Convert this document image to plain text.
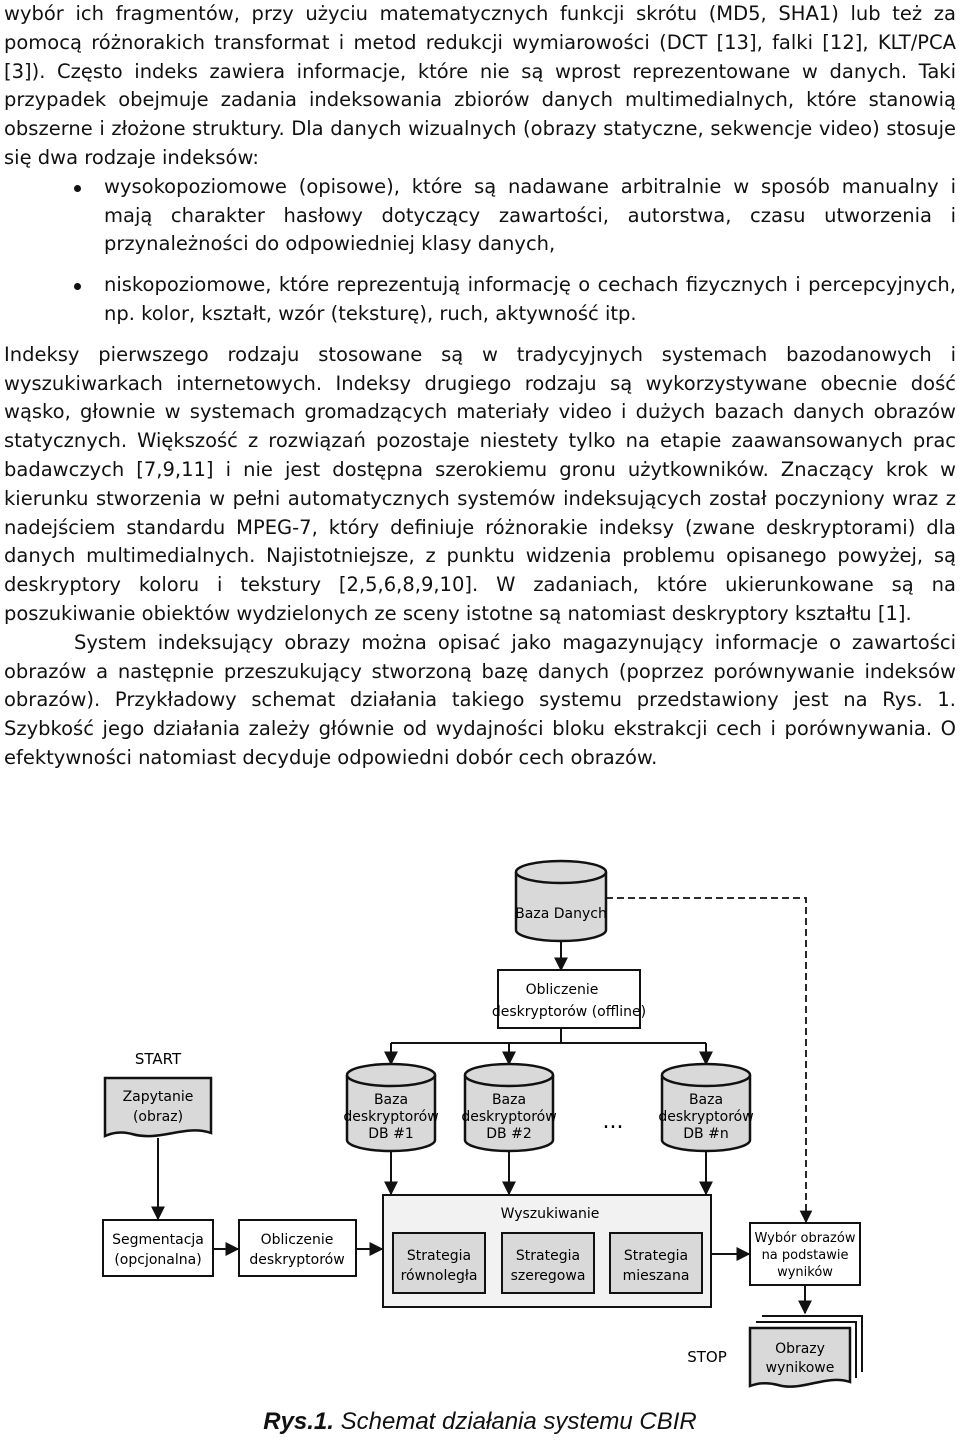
wybór ich fragmentów, przy użyciu matematycznych funkcji skrótu (MD5, SHA1) lub też za pomocą różnorakich transformat i metod redukcji wymiarowości (DCT [13], falki [12], KLT/PCA [3]). Często indeks zawiera informacje, które nie są wprost reprezentowane w danych. Taki przypadek obejmuje zadania indeksowania zbiorów danych multimedialnych, które stanowią obszerne i złożone struktury. Dla danych wizualnych (obrazy statyczne, sekwencje video) stosuje się dwa rodzaje indeksów:

wysokopoziomowe (opisowe), które są nadawane arbitralnie w sposób manualny i mają charakter hasłowy dotyczący zawartości, autorstwa, czasu utworzenia i przynależności do odpowiedniej klasy danych,
niskopoziomowe, które reprezentują informację o cechach fizycznych i percepcyjnych, np. kolor, kształt, wzór (teksturę), ruch, aktywność itp.

Indeksy pierwszego rodzaju stosowane są w tradycyjnych systemach bazodanowych i wyszukiwarkach internetowych. Indeksy drugiego rodzaju są wykorzystywane obecnie dość wąsko, głownie w systemach gromadzących materiały video i dużych bazach danych obrazów statycznych. Większość z rozwiązań pozostaje niestety tylko na etapie zaawansowanych prac badawczych [7,9,11] i nie jest dostępna szerokiemu gronu użytkowników. Znaczący krok w kierunku stworzenia w pełni automatycznych systemów indeksujących został poczyniony wraz z nadejściem standardu MPEG-7, który definiuje różnorakie indeksy (zwane deskryptorami) dla danych multimedialnych. Najistotniejsze, z punktu widzenia problemu opisanego powyżej, są deskryptory koloru i tekstury [2,5,6,8,9,10]. W zadaniach, które ukierunkowane są na poszukiwanie obiektów wydzielonych ze sceny istotne są natomiast deskryptory kształtu [1].

System indeksujący obrazy można opisać jako magazynujący informacje o zawartości obrazów a następnie przeszukujący stworzoną bazę danych (poprzez porównywanie indeksów obrazów). Przykładowy schemat działania takiego systemu przedstawiony jest na Rys. 1. Szybkość jego działania zależy głównie od wydajności bloku ekstrakcji cech i porównywania. O efektywności natomiast decyduje odpowiedni dobór cech obrazów.

Baza Danych
Obliczenie
deskryptorów (offline)
Baza
deskryptorów
DB #1
Baza
deskryptorów
DB #2	...
Baza
deskryptorów
DB #n
START
Zapytanie
(obraz)
Segmentacja
(opcjonalna)
Obliczenie
deskryptorów
Wyszukiwanie
Strategia
równoległa
Strategia
szeregowa
Strategia
mieszana
Wybór obrazów
na podstawie
wyników
STOP	Obrazy
wynikowe
Rys.1. Schemat działania systemu CBIR
